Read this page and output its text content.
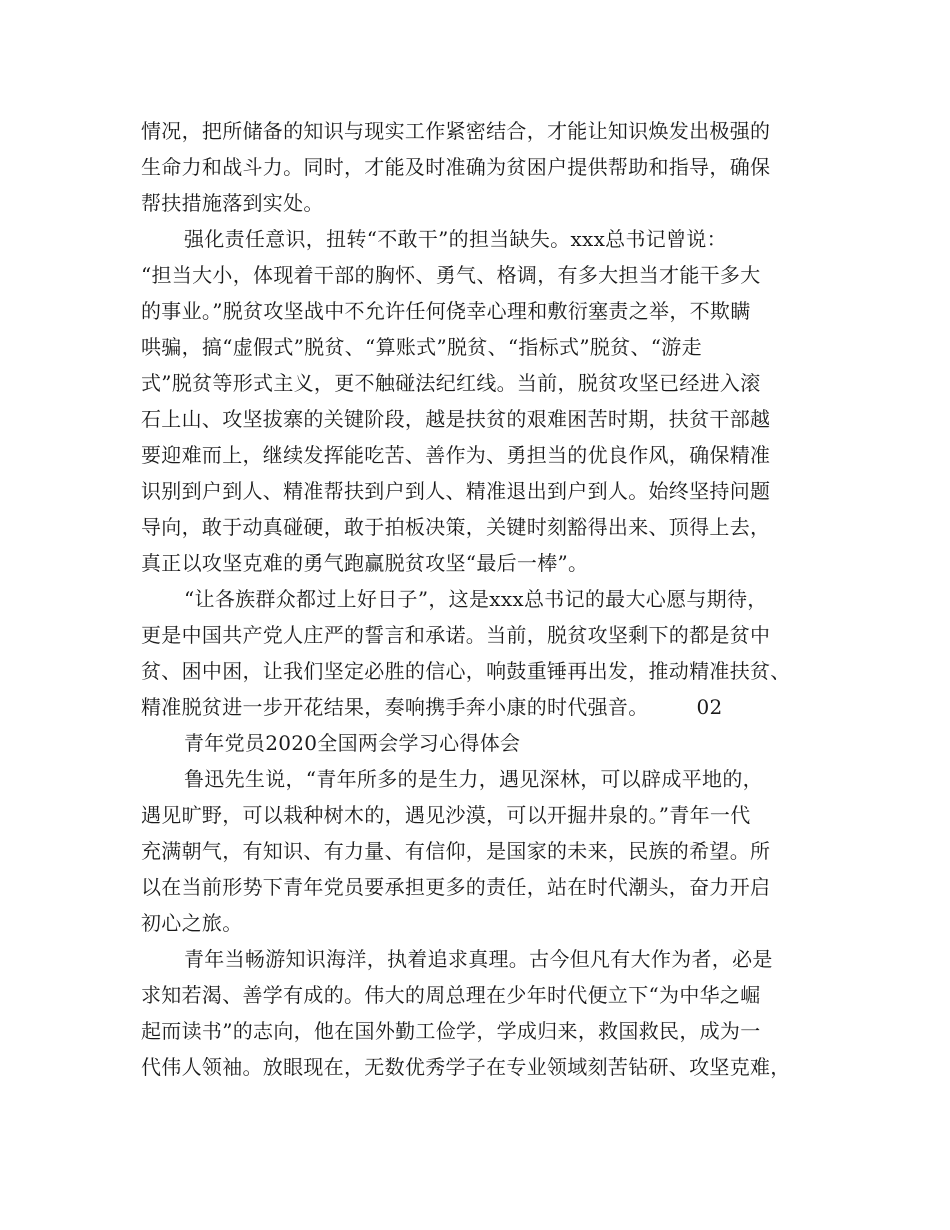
情况，把所储备的知识与现实工作紧密结合，才能让知识焕发出极强的
生命力和战斗力。同时，才能及时准确为贫困户提供帮助和指导，确保
帮扶措施落到实处。
强化责任意识，扭转“不敢干”的担当缺失。xxx总书记曾说：
“担当大小，体现着干部的胸怀、勇气、格调，有多大担当才能干多大
的事业。”脱贫攻坚战中不允许任何侥幸心理和敷衍塞责之举，不欺瞒
哄骗，搞“虚假式”脱贫、“算账式”脱贫、“指标式”脱贫、“游走
式”脱贫等形式主义，更不触碰法纪红线。当前，脱贫攻坚已经进入滚
石上山、攻坚拔寨的关键阶段，越是扶贫的艰难困苦时期，扶贫干部越
要迎难而上，继续发挥能吃苦、善作为、勇担当的优良作风，确保精准
识别到户到人、精准帮扶到户到人、精准退出到户到人。始终坚持问题
导向，敢于动真碰硬，敢于拍板决策，关键时刻豁得出来、顶得上去，
真正以攻坚克难的勇气跑赢脱贫攻坚“最后一棒”。
“让各族群众都过上好日子”，这是xxx总书记的最大心愿与期待，
更是中国共产党人庄严的誓言和承诺。当前，脱贫攻坚剩下的都是贫中
贫、困中困，让我们坚定必胜的信心，响鼓重锤再出发，推动精准扶贫、
精准脱贫进一步开花结果，奏响携手奔小康的时代强音。 02
青年党员2020全国两会学习心得体会
鲁迅先生说，“青年所多的是生力，遇见深林，可以辟成平地的，
遇见旷野，可以栽种树木的，遇见沙漠，可以开掘井泉的。”青年一代
充满朝气，有知识、有力量、有信仰，是国家的未来，民族的希望。所
以在当前形势下青年党员要承担更多的责任，站在时代潮头，奋力开启
初心之旅。
青年当畅游知识海洋，执着追求真理。古今但凡有大作为者，必是
求知若渴、善学有成的。伟大的周总理在少年时代便立下“为中华之崛
起而读书”的志向，他在国外勤工俭学，学成归来，救国救民，成为一
代伟人领袖。放眼现在，无数优秀学子在专业领域刻苦钻研、攻坚克难，
